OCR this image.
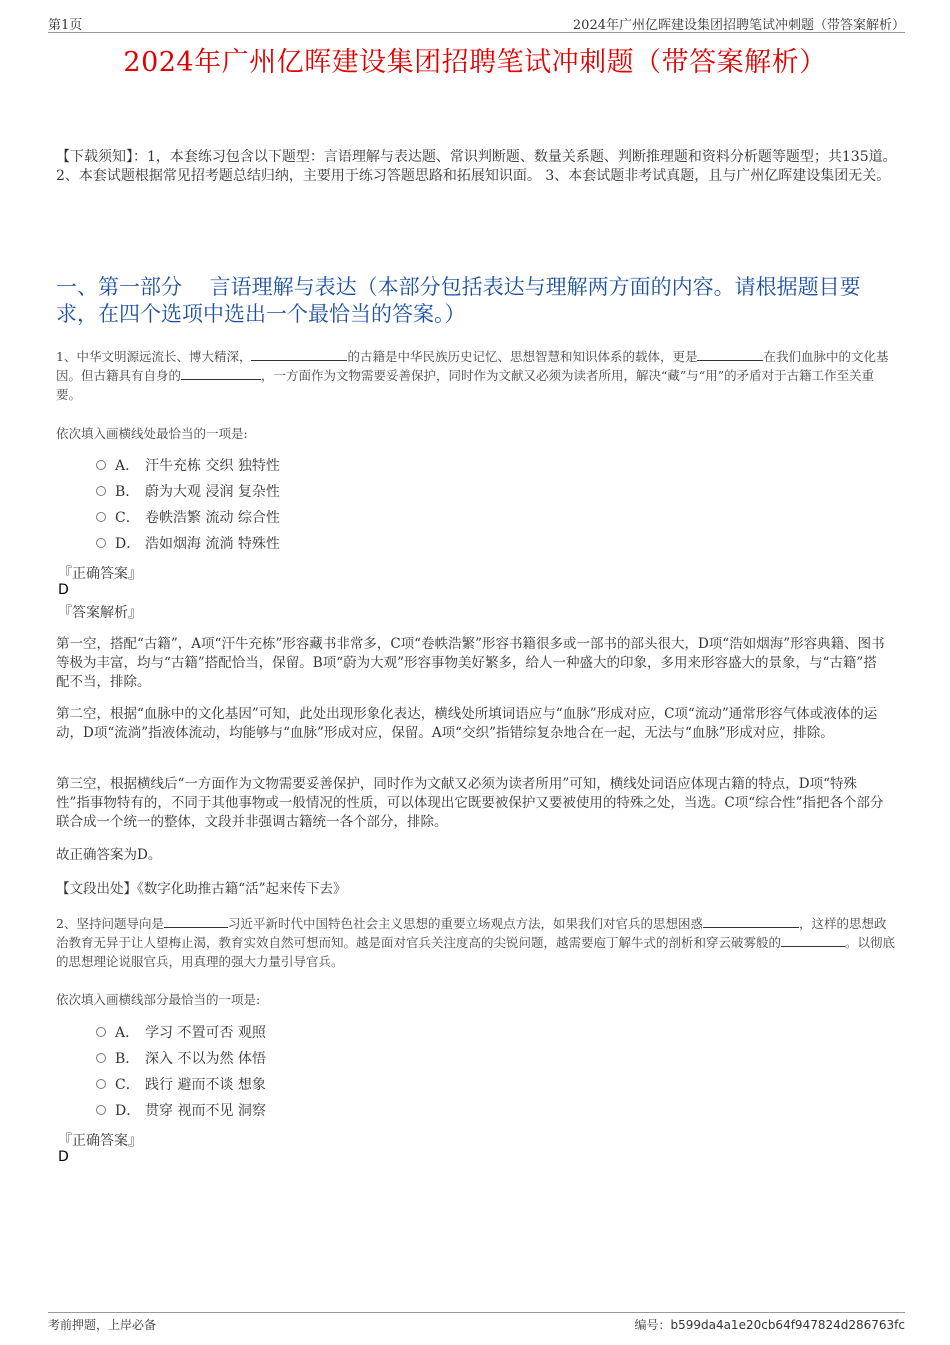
第1页	2024年广州亿晖建设集团招聘笔试冲刺题（带答案解析）
2024年广州亿晖建设集团招聘笔试冲刺题（带答案解析）
【下载须知】：1，本套练习包含以下题型：言语理解与表达题、常识判断题、数量关系题、判断推理题和资料分析题等题型；共135道。 2、本套试题根据常见招考题总结归纳，主要用于练习答题思路和拓展知识面。 3、本套试题非考试真题，且与广州亿晖建设集团无关。
一、第一部分　 言语理解与表达（本部分包括表达与理解两方面的内容。请根据题目要求，在四个选项中选出一个最恰当的答案。）
1、中华文明源远流长、博大精深，	的古籍是中华民族历史记忆、思想智慧和知识体系的载体，更是	在我们血脉中的文化基因。但古籍具有自身的	，一方面作为文物需要妥善保护，同时作为文献又必须为读者所用，解决“藏”与“用”的矛盾对于古籍工作至关重要。
依次填入画横线处最恰当的一项是:
A． 汗牛充栋 交织 独特性
B． 蔚为大观 浸润 复杂性
C． 卷帙浩繁 流动 综合性
D． 浩如烟海 流淌 特殊性
『正确答案』
D
『答案解析』
第一空，搭配“古籍”，A项“汗牛充栋”形容藏书非常多，C项“卷帙浩繁”形容书籍很多或一部书的部头很大，D项“浩如烟海”形容典籍、图书等极为丰富，均与“古籍”搭配恰当，保留。B项“蔚为大观”形容事物美好繁多，给人一种盛大的印象，多用来形容盛大的景象，与“古籍”搭配不当，排除。
第二空，根据“血脉中的文化基因”可知，此处出现形象化表达，横线处所填词语应与“血脉”形成对应，C项“流动”通常形容气体或液体的运动，D项“流淌”指液体流动，均能够与“血脉”形成对应，保留。A项“交织”指错综复杂地合在一起，无法与“血脉”形成对应，排除。
第三空，根据横线后“一方面作为文物需要妥善保护，同时作为文献又必须为读者所用”可知，横线处词语应体现古籍的特点，D项“特殊性”指事物特有的，不同于其他事物或一般情况的性质，可以体现出它既要被保护又要被使用的特殊之处，当选。C项“综合性”指把各个部分联合成一个统一的整体，文段并非强调古籍统一各个部分，排除。
故正确答案为D。
【文段出处】《数字化助推古籍“活”起来传下去》
2、坚持问题导向是	习近平新时代中国特色社会主义思想的重要立场观点方法，如果我们对官兵的思想困惑	，这样的思想政治教育无异于让人望梅止渴，教育实效自然可想而知。越是面对官兵关注度高的尖锐问题，越需要庖丁解牛式的剖析和穿云破雾般的	。以彻底的思想理论说服官兵，用真理的强大力量引导官兵。
依次填入画横线部分最恰当的一项是:
A． 学习 不置可否 观照
B． 深入 不以为然 体悟
C． 践行 避而不谈 想象
D． 贯穿 视而不见 洞察
『正确答案』
D
考前押题，上岸必备	编号：b599da4a1e20cb64f947824d286763fc
